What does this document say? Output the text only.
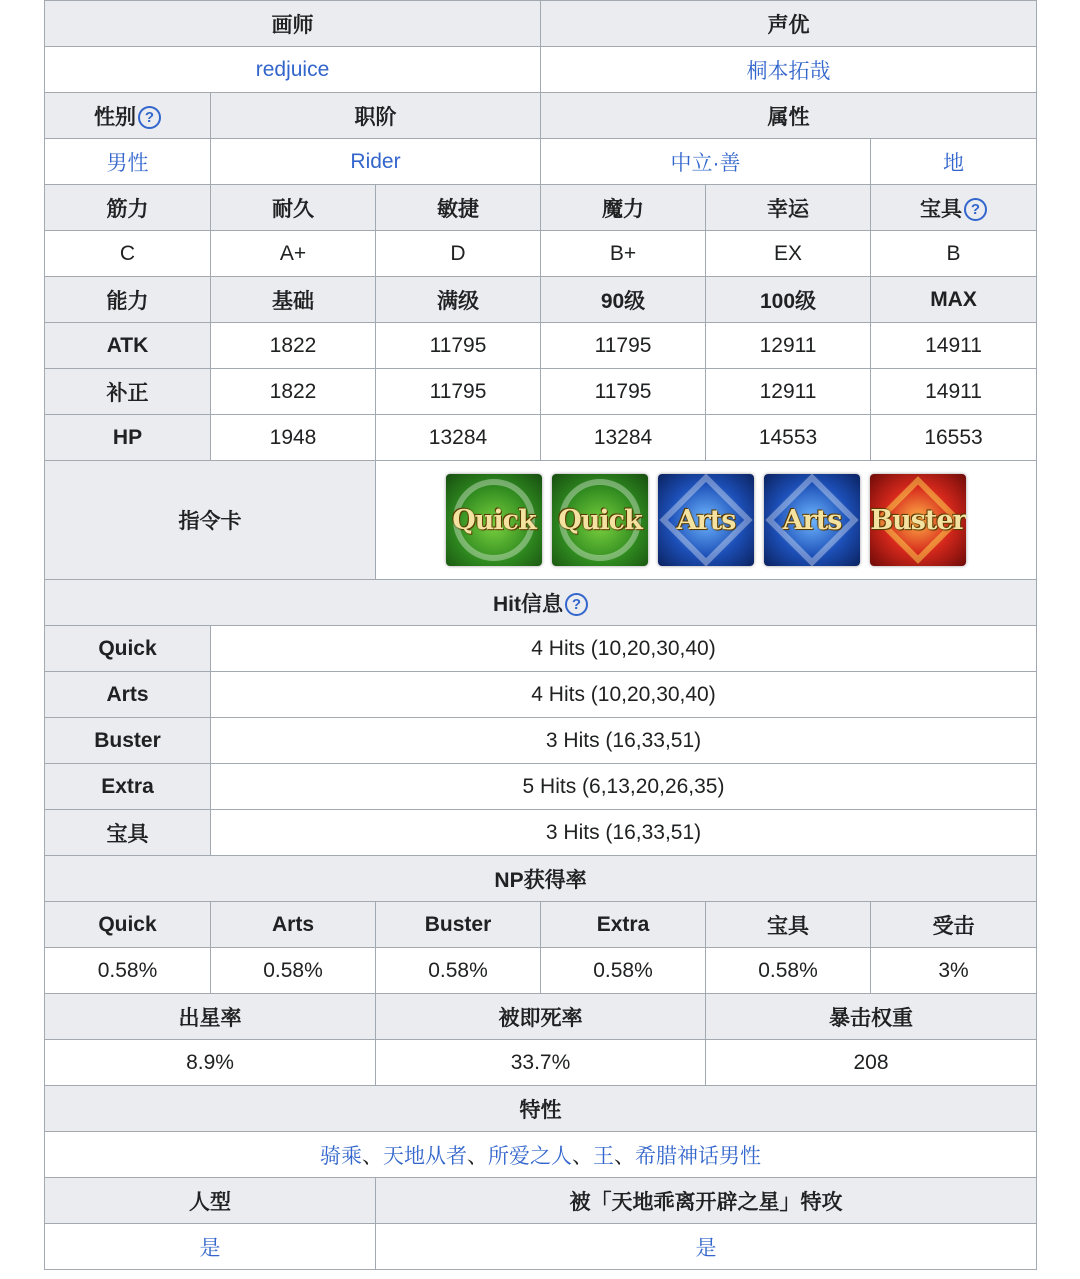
画师			声优		
redjuice			桐本拓哉		
性别 ?	职阶		属性		
男性	Rider		中立·善		地
筋力	耐久	敏捷	魔力	幸运	宝具 ?
C	A+	D	B+	EX	B
能力	基础	满级	90级	100级	MAX
ATK	1822	11795	11795	12911	14911
补正	1822	11795	11795	12911	14911
HP	1948	13284	13284	14553	16553
指令卡		Quick Quick Arts Arts Buster			

Hit信息 ?					
Quick	4 Hits (10,20,30,40)				
Arts	4 Hits (10,20,30,40)				
Buster	3 Hits (16,33,51)				
Extra	5 Hits (6,13,20,26,35)				
宝具	3 Hits (16,33,51)				
NP获得率					
Quick	Arts	Buster	Extra	宝具	受击
0.58%	0.58%	0.58%	0.58%	0.58%	3%
出星率		被即死率		暴击权重	
8.9%		33.7%		208	
特性					
骑乘、天地从者、所爱之人、王、希腊神话男性					
人型		被「天地乖离开辟之星」特攻			
是		是			
